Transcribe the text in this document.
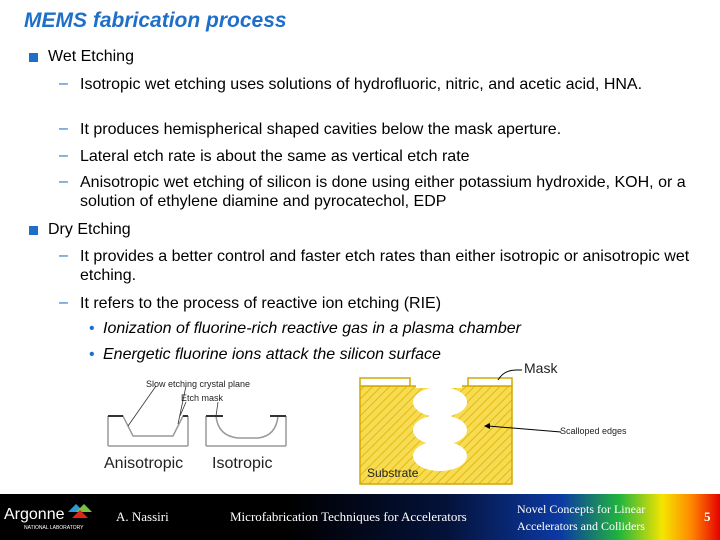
MEMS fabrication process
Wet Etching
– Isotropic wet etching uses solutions of hydrofluoric, nitric, and acetic acid, HNA.
– It produces hemispherical shaped cavities below the mask aperture.
– Lateral etch rate is about the same as vertical etch rate
– Anisotropic wet etching of silicon is done using either potassium hydroxide, KOH, or a solution of ethylene diamine and pyrocatechol, EDP
Dry Etching
– It provides a better control and faster etch rates than either isotropic or anisotropic wet etching.
– It refers to the process of reactive ion etching (RIE)
• Ionization of fluorine-rich reactive gas in a plasma chamber
• Energetic fluorine ions attack the silicon surface
Slow etching crystal plane
Etch mask
Anisotropic Isotropic
Mask
Scalloped edges
Substrate
Argonne
NATIONAL LABORATORY
A. Nassiri	Microfabrication Techniques for Accelerators	Novel Concepts for Linear
Accelerators and Colliders
5
